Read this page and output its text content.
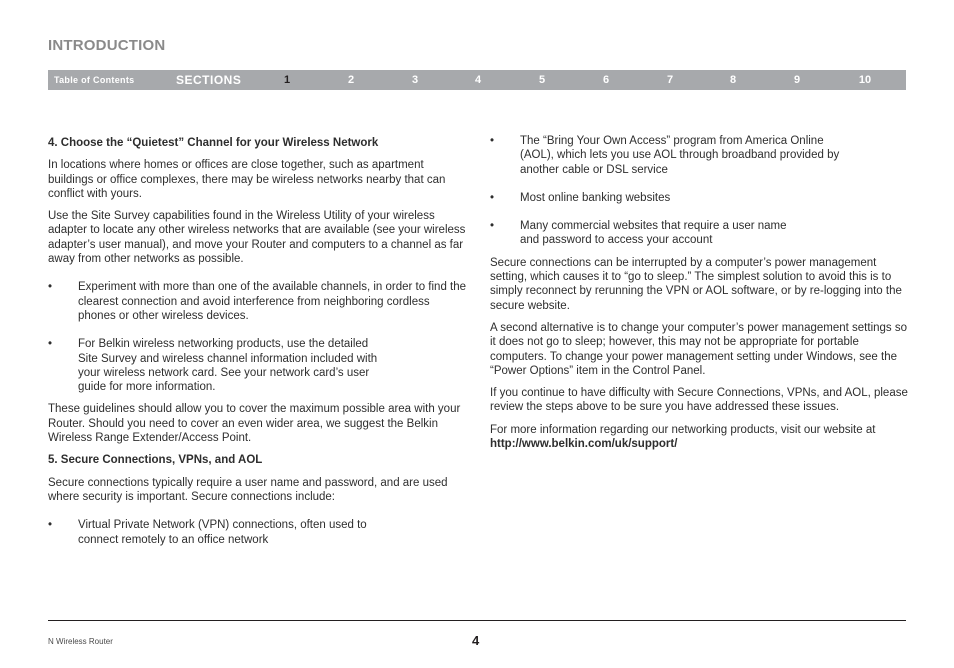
INTRODUCTION
Table of Contents	SECTIONS	1	2	3	4	5	6	7	8	9	10
4. Choose the “Quietest” Channel for your Wireless Network

In locations where homes or offices are close together, such as apartment buildings or office complexes, there may be wireless networks nearby that can conflict with yours.

Use the Site Survey capabilities found in the Wireless Utility of your wireless adapter to locate any other wireless networks that are available (see your wireless adapter’s user manual), and move your Router and computers to a channel as far away from other networks as possible.

• Experiment with more than one of the available channels, in order to find the clearest connection and avoid interference from neighboring cordless phones or other wireless devices.
• For Belkin wireless networking products, use the detailed Site Survey and wireless channel information included with your wireless network card. See your network card’s user guide for more information.

These guidelines should allow you to cover the maximum possible area with your Router. Should you need to cover an even wider area, we suggest the Belkin Wireless Range Extender/Access Point.

5. Secure Connections, VPNs, and AOL

Secure connections typically require a user name and password, and are used where security is important. Secure connections include:

• Virtual Private Network (VPN) connections, often used to connect remotely to an office network
• The “Bring Your Own Access” program from America Online (AOL), which lets you use AOL through broadband provided by another cable or DSL service
• Most online banking websites
• Many commercial websites that require a user name and password to access your account

Secure connections can be interrupted by a computer’s power management setting, which causes it to “go to sleep.” The simplest solution to avoid this is to simply reconnect by rerunning the VPN or AOL software, or by re-logging into the secure website.

A second alternative is to change your computer’s power management settings so it does not go to sleep; however, this may not be appropriate for portable computers. To change your power management setting under Windows, see the “Power Options” item in the Control Panel.

If you continue to have difficulty with Secure Connections, VPNs, and AOL, please review the steps above to be sure you have addressed these issues.

For more information regarding our networking products, visit our website at http://www.belkin.com/uk/support/

N Wireless Router	4
